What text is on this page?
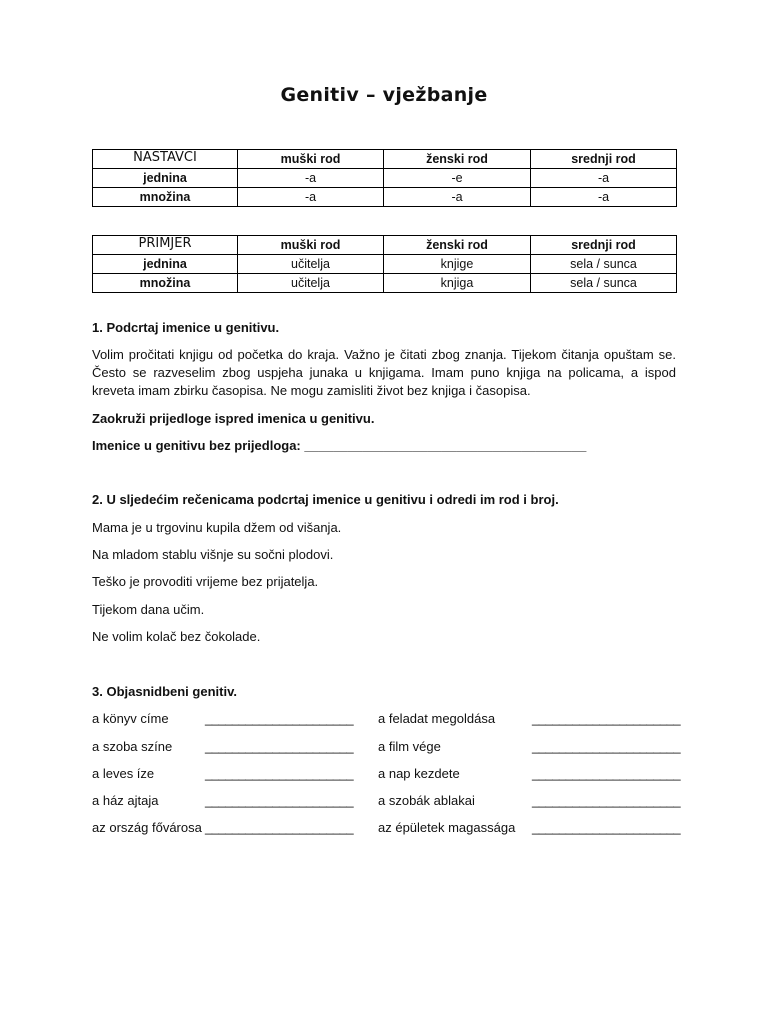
Genitiv – vježbanje
NASTAVCI	muški rod	ženski rod	srednji rod
jednina	-a	-e	-a
množina	-a	-a	-a
PRIMJER	muški rod	ženski rod	srednji rod
jednina	učitelja	knjige	sela / sunca
množina	učitelja	knjiga	sela / sunca

1. Podcrtaj imenice u genitivu.

Volim pročitati knjigu od početka do kraja. Važno je čitati zbog znanja. Tijekom čitanja opuštam se. Često se razveselim zbog uspjeha junaka u knjigama. Imam puno knjiga na policama, a ispod kreveta imam zbirku časopisa. Ne mogu zamisliti život bez knjiga i časopisa.

Zaokruži prijedloge ispred imenica u genitivu.

Imenice u genitivu bez prijedloga: _______________________________________

2. U sljedećim rečenicama podcrtaj imenice u genitivu i odredi im rod i broj.

Mama je u trgovinu kupila džem od višanja.

Na mladom stablu višnje su sočni plodovi.

Teško je provoditi vrijeme bez prijatelja.

Tijekom dana učim.

Ne volim kolač bez čokolade.

3. Objasnidbeni genitiv.

a könyv címe	______________________ a feladat megoldása	______________________
a szoba színe	______________________ a film vége	______________________
a leves íze	______________________ a nap kezdete	______________________
a ház ajtaja	______________________ a szobák ablakai	______________________
az ország fővárosa ______________________ az épületek magassága ______________________
